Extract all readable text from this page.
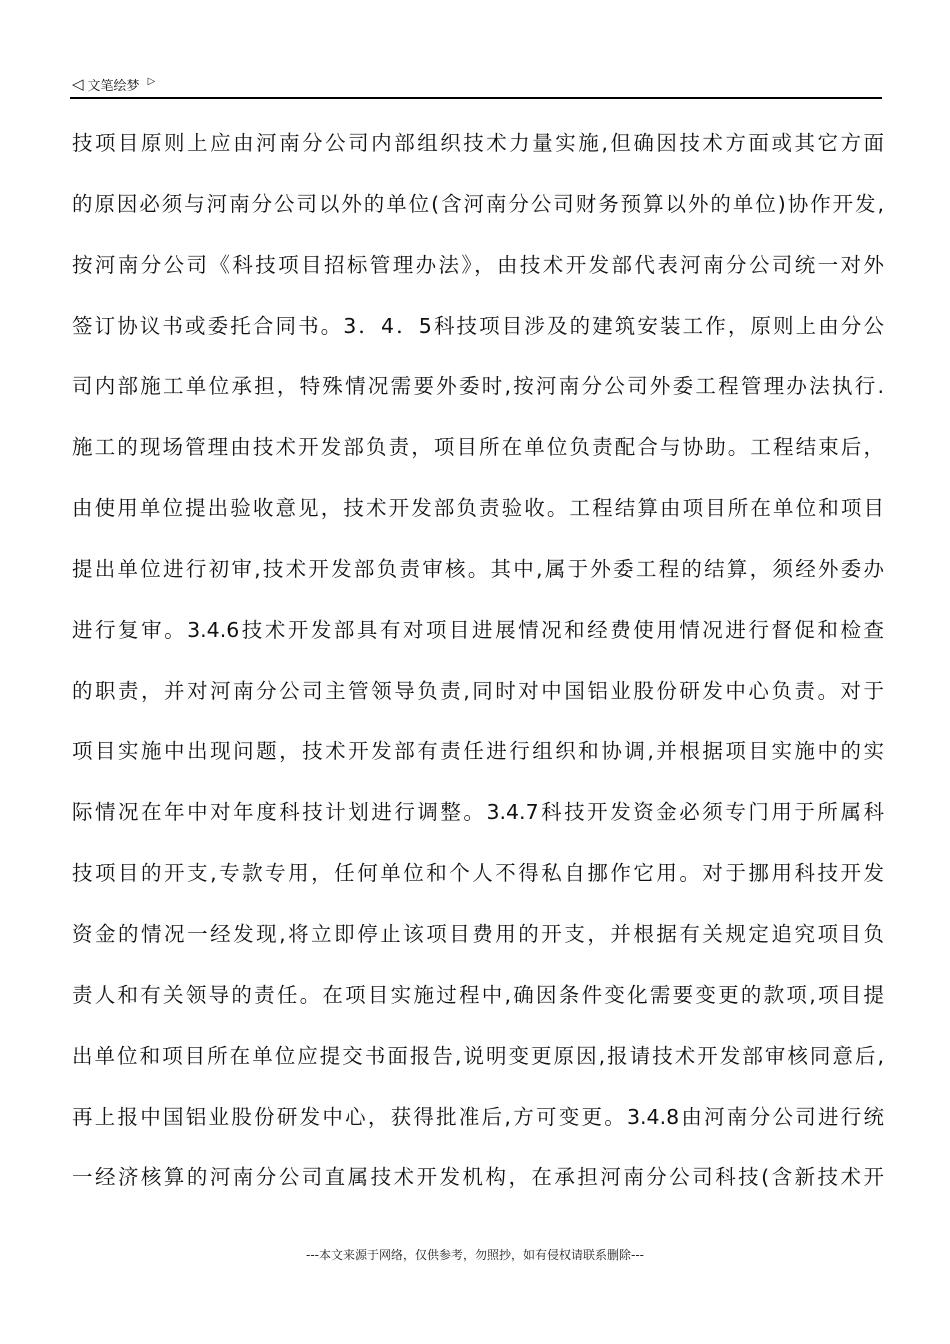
◁ 文笔绘梦 ▷
技项目原则上应由河南分公司内部组织技术力量实施,但确因技术方面或其它方面
的原因必须与河南分公司以外的单位(含河南分公司财务预算以外的单位)协作开发,
按河南分公司《科技项目招标管理办法》，由技术开发部代表河南分公司统一对外
签订协议书或委托合同书。3．4．5科技项目涉及的建筑安装工作，原则上由分公
司内部施工单位承担，特殊情况需要外委时,按河南分公司外委工程管理办法执行.
施工的现场管理由技术开发部负责，项目所在单位负责配合与协助。工程结束后，
由使用单位提出验收意见，技术开发部负责验收。工程结算由项目所在单位和项目
提出单位进行初审,技术开发部负责审核。其中,属于外委工程的结算，须经外委办
进行复审。3.4.6技术开发部具有对项目进展情况和经费使用情况进行督促和检查
的职责，并对河南分公司主管领导负责,同时对中国铝业股份研发中心负责。对于
项目实施中出现问题，技术开发部有责任进行组织和协调,并根据项目实施中的实
际情况在年中对年度科技计划进行调整。3.4.7科技开发资金必须专门用于所属科
技项目的开支,专款专用，任何单位和个人不得私自挪作它用。对于挪用科技开发
资金的情况一经发现,将立即停止该项目费用的开支，并根据有关规定追究项目负
责人和有关领导的责任。在项目实施过程中,确因条件变化需要变更的款项,项目提
出单位和项目所在单位应提交书面报告,说明变更原因,报请技术开发部审核同意后,
再上报中国铝业股份研发中心，获得批准后,方可变更。3.4.8由河南分公司进行统
一经济核算的河南分公司直属技术开发机构，在承担河南分公司科技(含新技术开
---本文来源于网络，仅供参考，勿照抄，如有侵权请联系删除---
